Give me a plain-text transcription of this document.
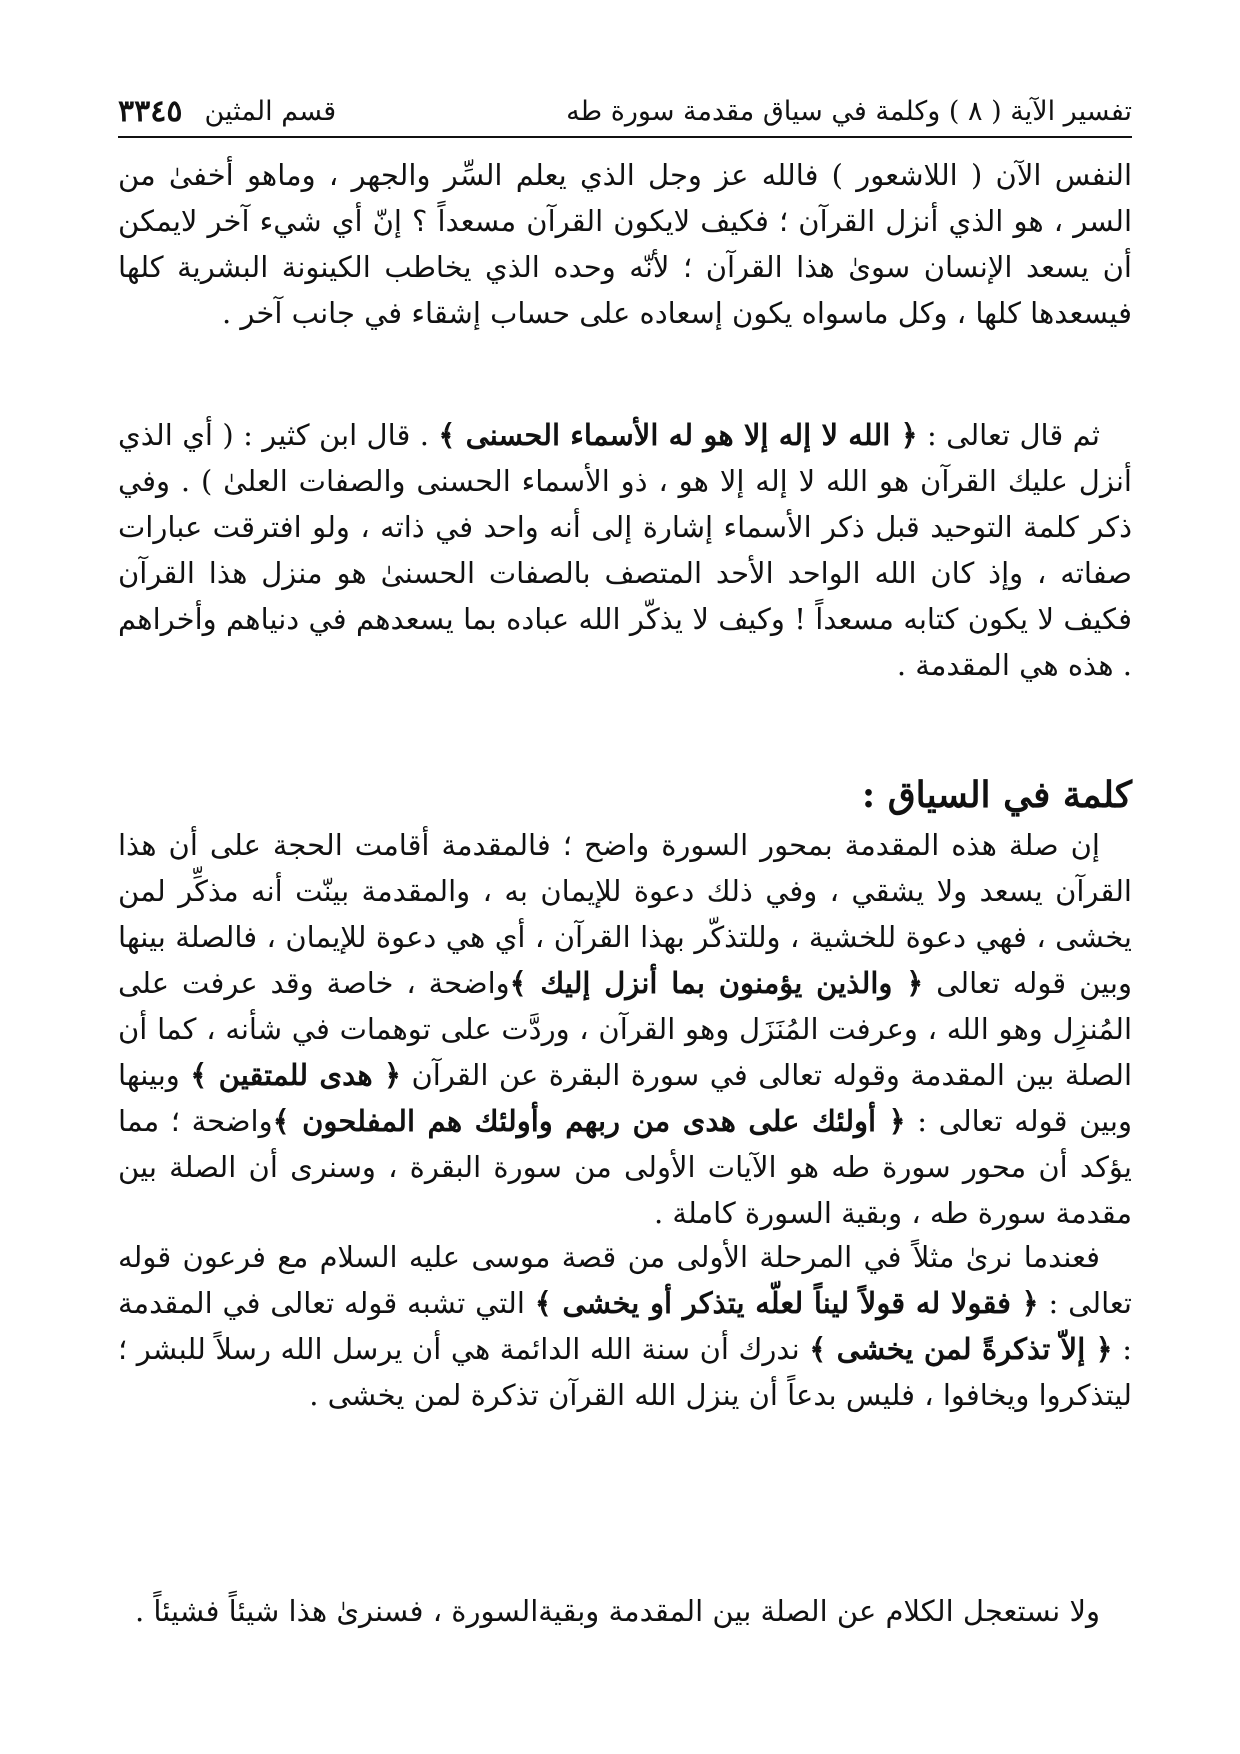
تفسير الآية ( ٨ ) وكلمة في سياق مقدمة سورة طه
قسم المثين
٣٣٤٥

النفس الآن ( اللاشعور ) فالله عز وجل الذي يعلم السِّر والجهر ، وماهو أخفىٰ من السر ، هو الذي أنزل القرآن ؛ فكيف لايكون القرآن مسعداً ؟ إنّ أي شيء آخر لايمكن أن يسعد الإنسان سوىٰ هذا القرآن ؛ لأنّه وحده الذي يخاطب الكينونة البشرية كلها فيسعدها كلها ، وكل ماسواه يكون إسعاده على حساب إشقاء في جانب آخر .

ثم قال تعالى : ﴿ الله لا إله إلا هو له الأسماء الحسنى ﴾ . قال ابن كثير : ( أي الذي أنزل عليك القرآن هو الله لا إله إلا هو ، ذو الأسماء الحسنى والصفات العلىٰ ) . وفي ذكر كلمة التوحيد قبل ذكر الأسماء إشارة إلى أنه واحد في ذاته ، ولو افترقت عبارات صفاته ، وإذ كان الله الواحد الأحد المتصف بالصفات الحسنىٰ هو منزل هذا القرآن فكيف لا يكون كتابه مسعداً ! وكيف لا يذكّر الله عباده بما يسعدهم في دنياهم وأخراهم . هذه هي المقدمة .

كلمة في السياق :

إن صلة هذه المقدمة بمحور السورة واضح ؛ فالمقدمة أقامت الحجة على أن هذا القرآن يسعد ولا يشقي ، وفي ذلك دعوة للإيمان به ، والمقدمة بينّت أنه مذكِّر لمن يخشى ، فهي دعوة للخشية ، وللتذكّر بهذا القرآن ، أي هي دعوة للإيمان ، فالصلة بينها وبين قوله تعالى ﴿ والذين يؤمنون بما أنزل إليك ﴾واضحة ، خاصة وقد عرفت على المُنزِل وهو الله ، وعرفت المُنَزَل وهو القرآن ، وردَّت على توهمات في شأنه ، كما أن الصلة بين المقدمة وقوله تعالى في سورة البقرة عن القرآن ﴿ هدى للمتقين ﴾ وبينها وبين قوله تعالى : ﴿ أولئك على هدى من ربهم وأولئك هم المفلحون ﴾واضحة ؛ مما يؤكد أن محور سورة طه هو الآيات الأولى من سورة البقرة ، وسنرى أن الصلة بين مقدمة سورة طه ، وبقية السورة كاملة .

فعندما نرىٰ مثلاً في المرحلة الأولى من قصة موسى عليه السلام مع فرعون قوله تعالى : ﴿ فقولا له قولاً ليناً لعلّه يتذكر أو يخشى ﴾ التي تشبه قوله تعالى في المقدمة : ﴿ إلاّ تذكرةً لمن يخشى ﴾ ندرك أن سنة الله الدائمة هي أن يرسل الله رسلاً للبشر ؛ ليتذكروا ويخافوا ، فليس بدعاً أن ينزل الله القرآن تذكرة لمن يخشى .

ولا نستعجل الكلام عن الصلة بين المقدمة وبقيةالسورة ، فسنرىٰ هذا شيئاً فشيئاً .
